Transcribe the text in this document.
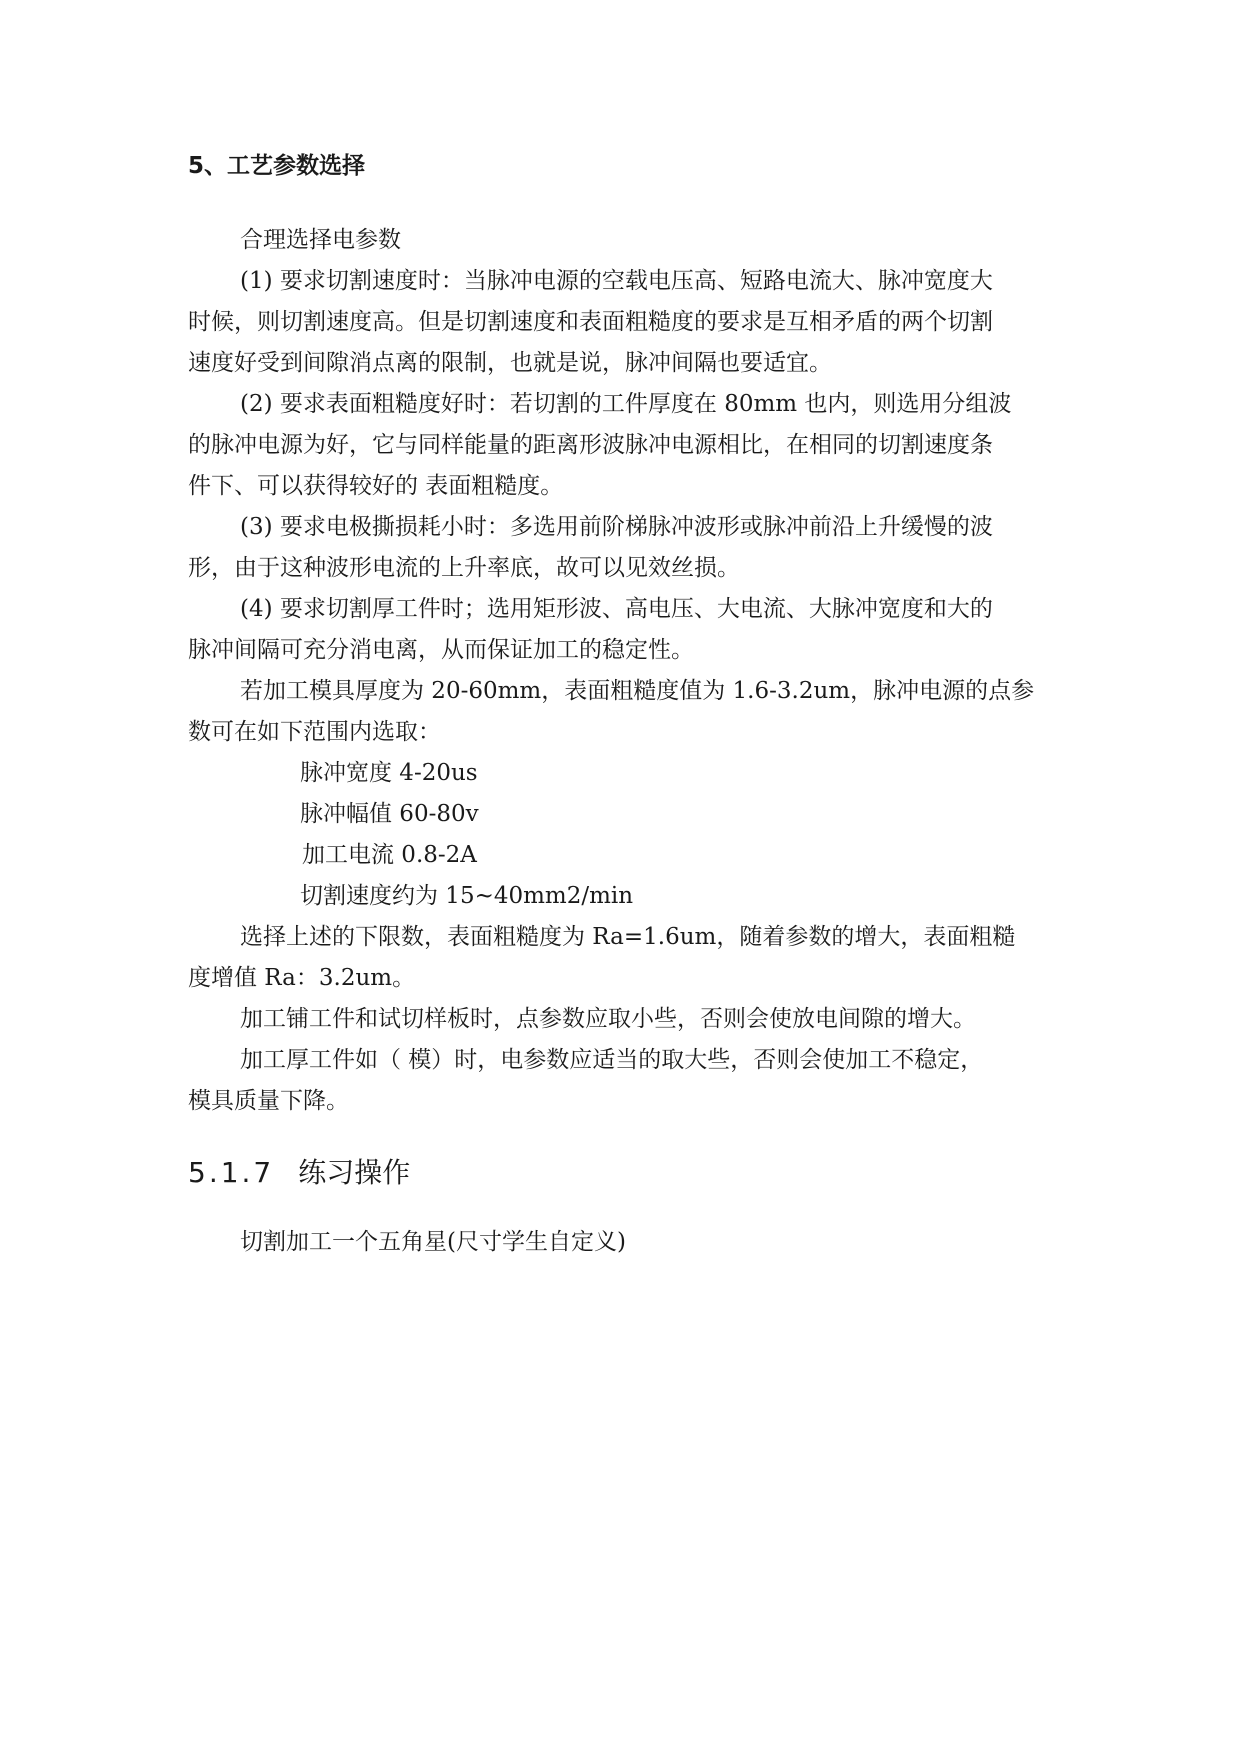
5、工艺参数选择

合理选择电参数

(1) 要求切割速度时：当脉冲电源的空载电压高、短路电流大、脉冲宽度大

时候，则切割速度高。但是切割速度和表面粗糙度的要求是互相矛盾的两个切割

速度好受到间隙消点离的限制，也就是说，脉冲间隔也要适宜。

(2) 要求表面粗糙度好时：若切割的工件厚度在 80mm 也内，则选用分组波

的脉冲电源为好，它与同样能量的距离形波脉冲电源相比，在相同的切割速度条

件下、可以获得较好的 表面粗糙度。

(3) 要求电极撕损耗小时：多选用前阶梯脉冲波形或脉冲前沿上升缓慢的波

形，由于这种波形电流的上升率底，故可以见效丝损。

(4) 要求切割厚工件时；选用矩形波、高电压、大电流、大脉冲宽度和大的

脉冲间隔可充分消电离，从而保证加工的稳定性。

若加工模具厚度为 20-60mm，表面粗糙度值为 1.6-3.2um，脉冲电源的点参

数可在如下范围内选取：

脉冲宽度 4-20us

脉冲幅值 60-80v

加工电流 0.8-2A

切割速度约为 15~40mm2/min

选择上述的下限数，表面粗糙度为 Ra=1.6um，随着参数的增大，表面粗糙

度增值 Ra：3.2um。

加工铺工件和试切样板时，点参数应取小些，否则会使放电间隙的增大。

加工厚工件如（ 模）时，电参数应适当的取大些，否则会使加工不稳定，

模具质量下降。

5.1.7 练习操作
切割加工一个五角星(尺寸学生自定义)
